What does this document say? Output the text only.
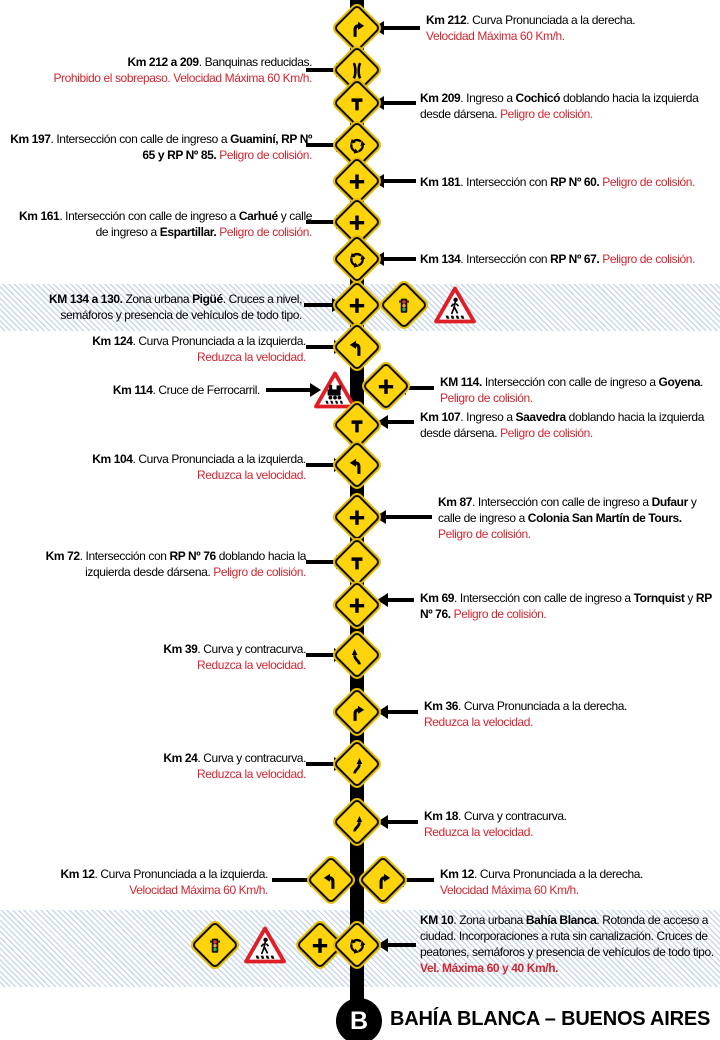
Km 212. Curva Pronunciada a la derecha.
Velocidad Máxima 60 Km/h.
Km 212 a 209. Banquinas reducidas.
Prohibido el sobrepaso. Velocidad Máxima 60 Km/h.
Km 209. Ingreso a Cochicó doblando hacia la izquierda desde dársena. Peligro de colisión.
Km 197. Intersección con calle de ingreso a Guaminí, RP Nº 65 y RP Nº 85. Peligro de colisión.
Km 181. Intersección con RP Nº 60. Peligro de colisión.
Km 161. Intersección con calle de ingreso a Carhué y calle de ingreso a Espartillar. Peligro de colisión.
Km 134. Intersección con RP Nº 67. Peligro de colisión.
KM 134 a 130. Zona urbana Pigüé. Cruces a nivel, semáforos y presencia de vehículos de todo tipo.
Km 124. Curva Pronunciada a la izquierda.
Reduzca la velocidad.
Km 114. Cruce de Ferrocarril.
KM 114. Intersección con calle de ingreso a Goyena.
Peligro de colisión.
Km 107. Ingreso a Saavedra doblando hacia la izquierda desde dársena. Peligro de colisión.
Km 104. Curva Pronunciada a la izquierda.
Reduzca la velocidad.
Km 87. Intersección con calle de ingreso a Dufaur y calle de ingreso a Colonia San Martín de Tours. Peligro de colisión.
Km 72. Intersección con RP Nº 76 doblando hacia la izquierda desde dársena. Peligro de colisión.
Km 69. Intersección con calle de ingreso a Tornquist y RP Nº 76. Peligro de colisión.
Km 39. Curva y contracurva.
Reduzca la velocidad.
Km 36. Curva Pronunciada a la derecha.
Reduzca la velocidad.
Km 24. Curva y contracurva.
Reduzca la velocidad.
Km 18. Curva y contracurva.
Reduzca la velocidad.
Km 12. Curva Pronunciada a la izquierda.
Velocidad Máxima 60 Km/h.
Km 12. Curva Pronunciada a la derecha.
Velocidad Máxima 60 Km/h.
KM 10. Zona urbana Bahía Blanca. Rotonda de acceso a ciudad. Incorporaciones a ruta sin canalización. Cruces de peatones, semáforos y presencia de vehículos de todo tipo.
Vel. Máxima 60 y 40 Km/h.
B BAHÍA BLANCA – BUENOS AIRES
